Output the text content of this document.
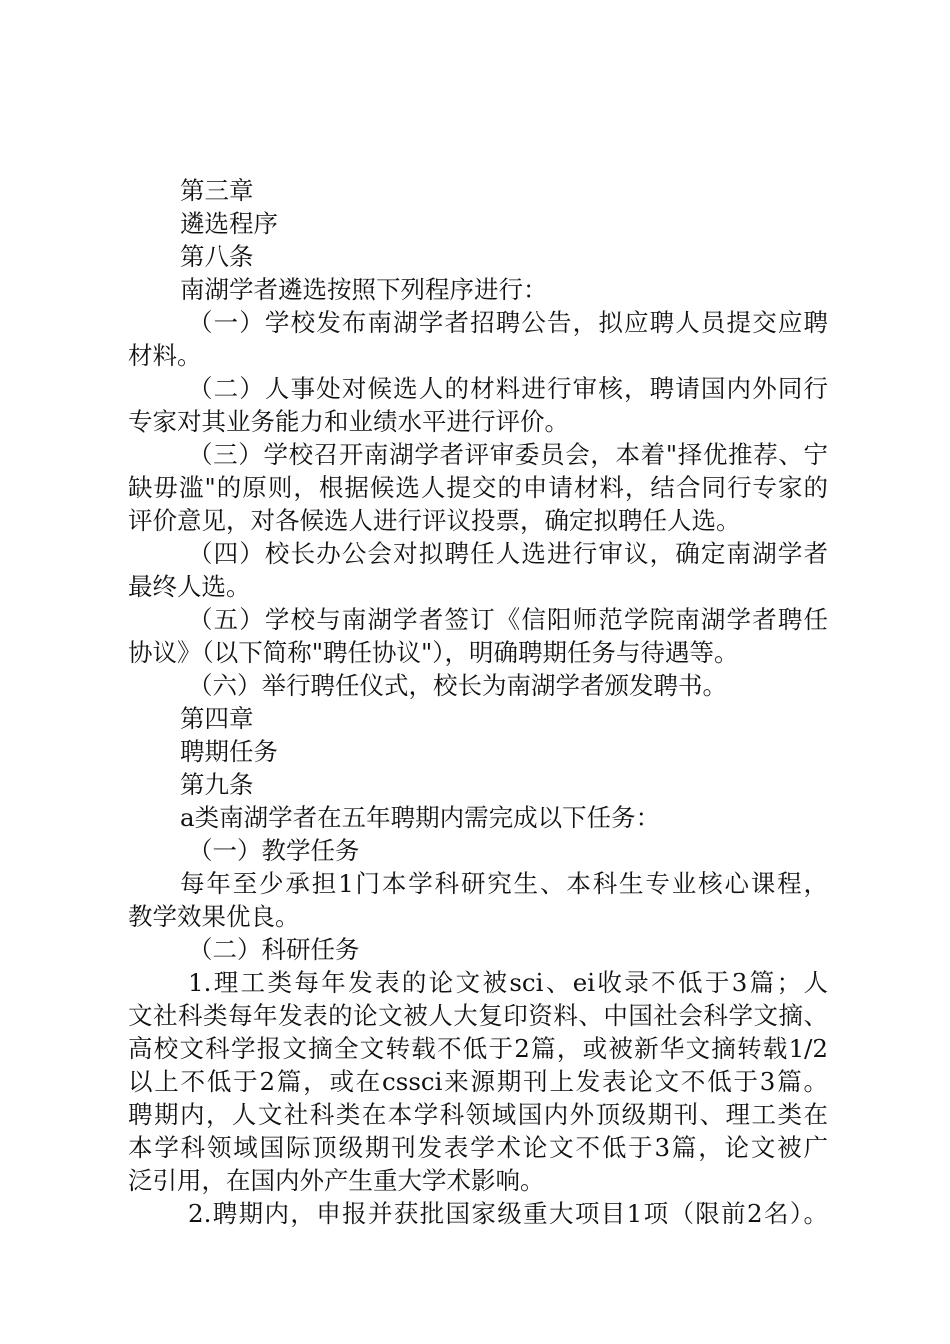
第三章
遴选程序
第八条
南湖学者遴选按照下列程序进行：
（一）学校发布南湖学者招聘公告，拟应聘人员提交应聘
材料。
（二）人事处对候选人的材料进行审核，聘请国内外同行
专家对其业务能力和业绩水平进行评价。
（三）学校召开南湖学者评审委员会，本着"择优推荐、宁
缺毋滥"的原则，根据候选人提交的申请材料，结合同行专家的
评价意见，对各候选人进行评议投票，确定拟聘任人选。
（四）校长办公会对拟聘任人选进行审议，确定南湖学者
最终人选。
（五）学校与南湖学者签订《信阳师范学院南湖学者聘任
协议》（以下简称"聘任协议"），明确聘期任务与待遇等。
（六）举行聘任仪式，校长为南湖学者颁发聘书。
第四章
聘期任务
第九条
a类南湖学者在五年聘期内需完成以下任务：
（一）教学任务
每年至少承担1门本学科研究生、本科生专业核心课程，
教学效果优良。
（二）科研任务
1.理工类每年发表的论文被sci、ei收录不低于3篇；人
文社科类每年发表的论文被人大复印资料、中国社会科学文摘、
高校文科学报文摘全文转载不低于2篇，或被新华文摘转载1/2
以上不低于2篇，或在cssci来源期刊上发表论文不低于3篇。
聘期内，人文社科类在本学科领域国内外顶级期刊、理工类在
本学科领域国际顶级期刊发表学术论文不低于3篇，论文被广
泛引用，在国内外产生重大学术影响。
2.聘期内，申报并获批国家级重大项目1项（限前2名）。
